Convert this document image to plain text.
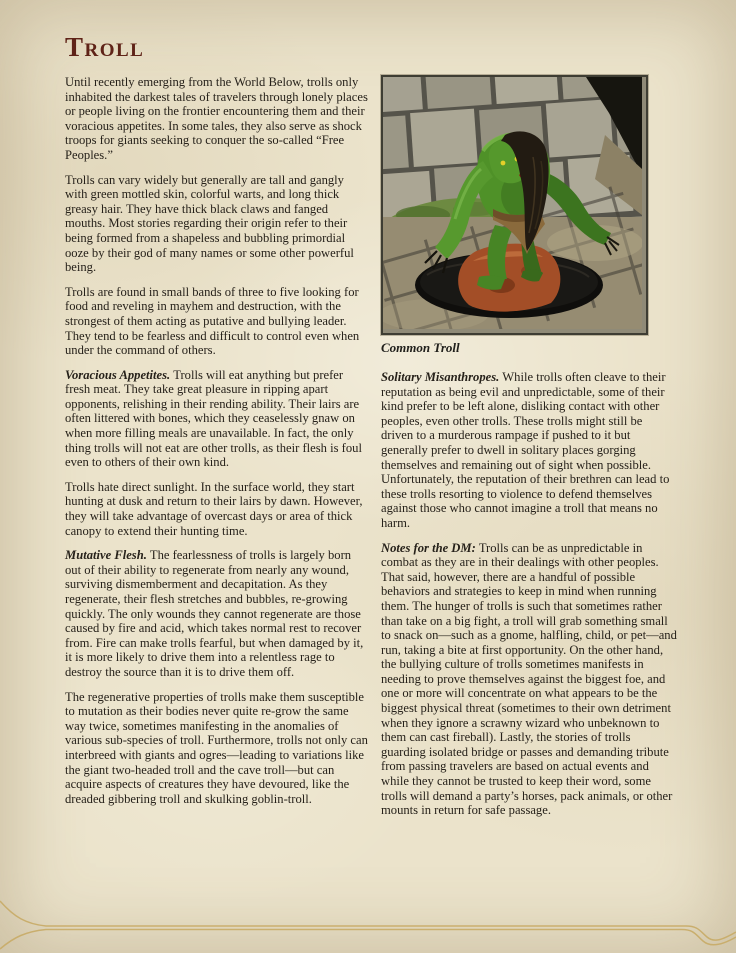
Troll

Until recently emerging from the World Below, trolls only inhabited the darkest tales of travelers through lonely places or people living on the frontier encountering them and their voracious appetites. In some tales, they also serve as shock troops for giants seeking to conquer the so-called “Free Peoples.”

Trolls can vary widely but generally are tall and gangly with green mottled skin, colorful warts, and long thick greasy hair. They have thick black claws and fanged mouths. Most stories regarding their origin refer to their being formed from a shapeless and bubbling primordial ooze by their god of many names or some other powerful being.

Trolls are found in small bands of three to five looking for food and reveling in mayhem and destruction, with the strongest of them acting as putative and bullying leader. They tend to be fearless and difficult to control even when under the command of others.

Voracious Appetites. Trolls will eat anything but prefer fresh meat. They take great pleasure in ripping apart opponents, relishing in their rending ability. Their lairs are often littered with bones, which they ceaselessly gnaw on when more filling meals are unavailable. In fact, the only thing trolls will not eat are other trolls, as their flesh is foul even to others of their own kind.

Trolls hate direct sunlight. In the surface world, they start hunting at dusk and return to their lairs by dawn. However, they will take advantage of overcast days or area of thick canopy to extend their hunting time.

Mutative Flesh. The fearlessness of trolls is largely born out of their ability to regenerate from nearly any wound, surviving dismemberment and decapitation. As they regenerate, their flesh stretches and bubbles, re-growing quickly. The only wounds they cannot regenerate are those caused by fire and acid, which takes normal rest to recover from. Fire can make trolls fearful, but when damaged by it, it is more likely to drive them into a relentless rage to destroy the source than it is to drive them off.

The regenerative properties of trolls make them susceptible to mutation as their bodies never quite re-grow the same way twice, sometimes manifesting in the anomalies of various sub-species of troll. Furthermore, trolls not only can interbreed with giants and ogres—leading to variations like the giant two-headed troll and the cave troll—but can acquire aspects of creatures they have devoured, like the dreaded gibbering troll and skulking goblin-troll.

Common Troll

Solitary Misanthropes. While trolls often cleave to their reputation as being evil and unpredictable, some of their kind prefer to be left alone, disliking contact with other peoples, even other trolls. These trolls might still be driven to a murderous rampage if pushed to it but generally prefer to dwell in solitary places gorging themselves and remaining out of sight when possible. Unfortunately, the reputation of their brethren can lead to these trolls resorting to violence to defend themselves against those who cannot imagine a troll that means no harm.

Notes for the DM: Trolls can be as unpredictable in combat as they are in their dealings with other peoples. That said, however, there are a handful of possible behaviors and strategies to keep in mind when running them. The hunger of trolls is such that sometimes rather than take on a big fight, a troll will grab something small to snack on—such as a gnome, halfling, child, or pet—and run, taking a bite at first opportunity. On the other hand, the bullying culture of trolls sometimes manifests in needing to prove themselves against the biggest foe, and one or more will concentrate on what appears to be the biggest physical threat (sometimes to their own detriment when they ignore a scrawny wizard who unbeknown to them can cast fireball). Lastly, the stories of trolls guarding isolated bridge or passes and demanding tribute from passing travelers are based on actual events and while they cannot be trusted to keep their word, some trolls will demand a party’s horses, pack animals, or other mounts in return for safe passage.
